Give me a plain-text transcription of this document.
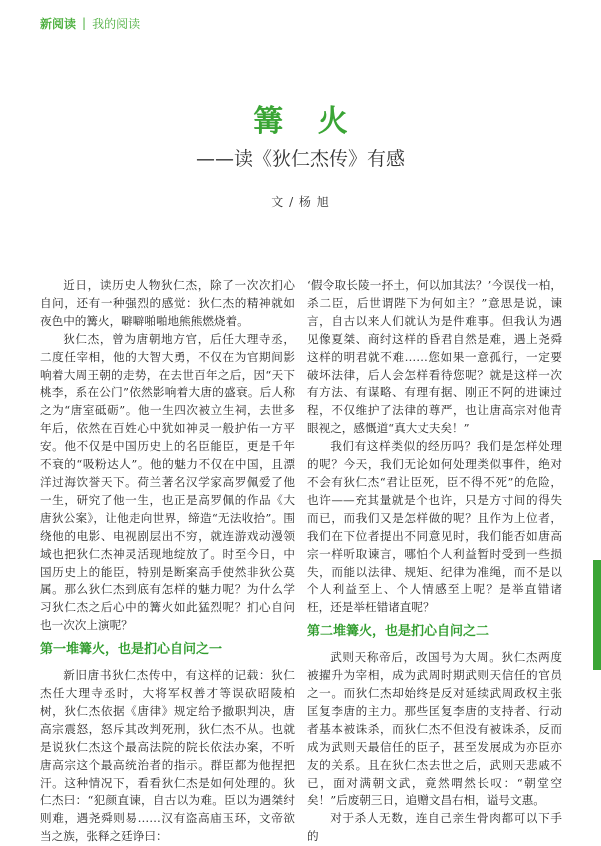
新阅读 | 我的阅读
篝 火
——读《狄仁杰传》有感
文 / 杨 旭

近日，读历史人物狄仁杰，除了一次次扪心自问，还有一种强烈的感觉：狄仁杰的精神就如夜色中的篝火，噼噼啪啪地熊熊燃烧着。

狄仁杰，曾为唐朝地方官，后任大理寺丞，二度任宰相，他的大智大勇，不仅在为官期间影响着大周王朝的走势，在去世百年之后，因“天下桃李，系在公门”依然影响着大唐的盛衰。后人称之为“唐室砥砺”。他一生四次被立生祠，去世多年后，依然在百姓心中犹如神灵一般护佑一方平安。他不仅是中国历史上的名臣能臣，更是千年不衰的“吸粉达人”。他的魅力不仅在中国，且漂洋过海饮誉天下。荷兰著名汉学家高罗佩爱了他一生，研究了他一生，也正是高罗佩的作品《大唐狄公案》，让他走向世界，缔造“无法收拾”。围绕他的电影、电视剧层出不穷，就连游戏动漫领域也把狄仁杰神灵活现地绽放了。时至今日，中国历史上的能臣，特别是断案高手使然非狄公莫属。那么狄仁杰到底有怎样的魅力呢？为什么学习狄仁杰之后心中的篝火如此猛烈呢？扪心自问也一次次上演呢？

第一堆篝火，也是扪心自问之一

新旧唐书狄仁杰传中，有这样的记载：狄仁杰任大理寺丞时，大将军权善才等误砍昭陵柏树，狄仁杰依据《唐律》规定给予撤职判决，唐高宗震怒，怒斥其改判死刑，狄仁杰不从。也就是说狄仁杰这个最高法院的院长依法办案，不听唐高宗这个最高统治者的指示。群臣都为他捏把汗。这种情况下，看看狄仁杰是如何处理的。狄仁杰曰：“犯颜直谏，自古以为难。臣以为遇桀纣则难，遇尧舜则易……汉有盗高庙玉环，文帝欲当之族，张释之廷诤曰：

‘假令取长陵一抔土，何以加其法？’今误伐一柏，杀二臣，后世谓陛下为何如主？”意思是说，谏言，自古以来人们就认为是件难事。但我认为遇见像夏桀、商纣这样的昏君自然是难，遇上尧舜这样的明君就不难……您如果一意孤行，一定要破坏法律，后人会怎样看待您呢？就是这样一次有方法、有谋略、有理有据、刚正不阿的进谏过程，不仅维护了法律的尊严，也让唐高宗对他青眼视之，感慨道“真大丈夫矣！”

我们有这样类似的经历吗？我们是怎样处理的呢？今天，我们无论如何处理类似事件，绝对不会有狄仁杰“君让臣死，臣不得不死”的危险，也许——充其量就是个也许，只是方寸间的得失而已，而我们又是怎样做的呢？且作为上位者，我们在下位者提出不同意见时，我们能否如唐高宗一样听取谏言，哪怕个人利益暂时受到一些损失，而能以法律、规矩、纪律为准绳，而不是以个人利益至上、个人情感至上呢？是举直错诸枉，还是举枉错诸直呢？

第二堆篝火，也是扪心自问之二

武则天称帝后，改国号为大周。狄仁杰两度被擢升为宰相，成为武周时期武则天信任的官员之一。而狄仁杰却始终是反对延续武周政权主张匡复李唐的主力。那些匡复李唐的支持者、行动者基本被诛杀，而狄仁杰不但没有被诛杀，反而成为武则天最信任的臣子，甚至发展成为亦臣亦友的关系。且在狄仁杰去世之后，武则天悲戚不已，面对满朝文武，竟然喟然长叹：“朝堂空矣！”后废朝三日，追赠文昌右相，谥号文惠。

对于杀人无数，连自己亲生骨肉都可以下手的
